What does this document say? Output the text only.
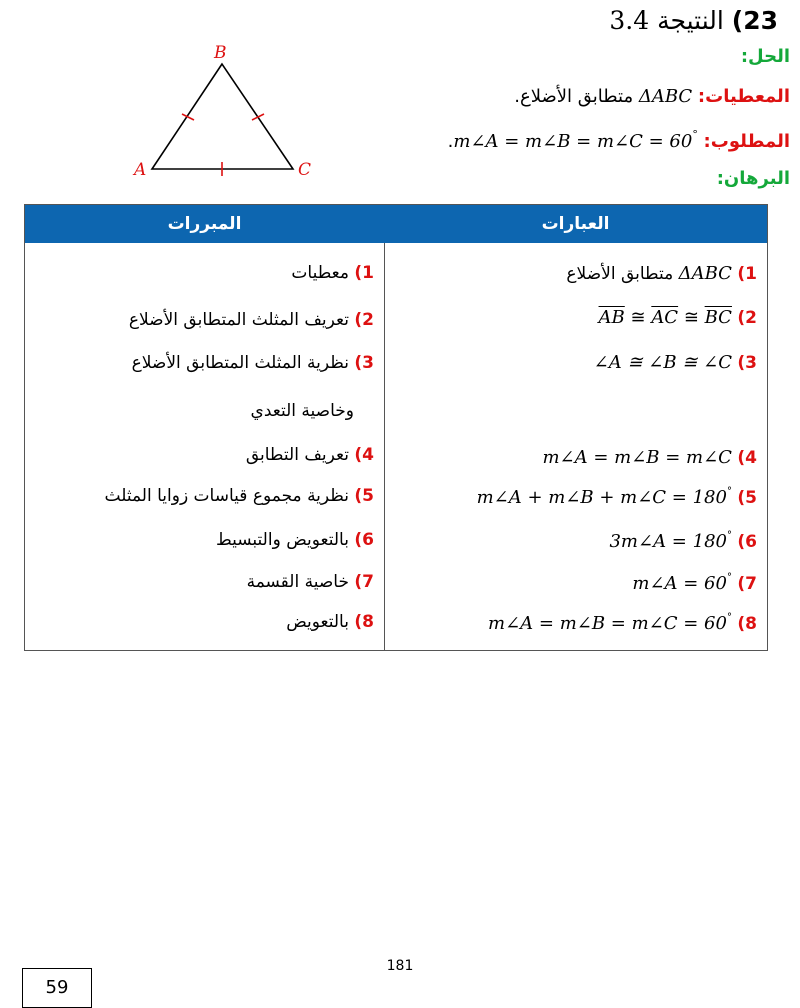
23) النتيجة 3.4
الحل:
المعطيات: ΔABC متطابق الأضلاع.
المطلوب: .m∠A = m∠B = m∠C = 60°
البرهان:
B
A	C
المبررات
1) معطيات
2) تعريف المثلث المتطابق الأضلاع
3) نظرية المثلث المتطابق الأضلاع
وخاصية التعدي
4) تعريف التطابق
5) نظرية مجموع قياسات زوايا المثلث
6) بالتعويض والتبسيط
7) خاصية القسمة
8) بالتعويض
العبارات
1) ΔABC متطابق الأضلاع
2) $\overline{AB}$ ≅ $\overline{AC}$ ≅ $\overline{BC}$
3) ∠A ≅ ∠B ≅ ∠C
4) m∠A = m∠B = m∠C
5) m∠A + m∠B + m∠C = 180°
6) 3m∠A = 180°
7) m∠A = 60°
8) m∠A = m∠B = m∠C = 60°
181
59
